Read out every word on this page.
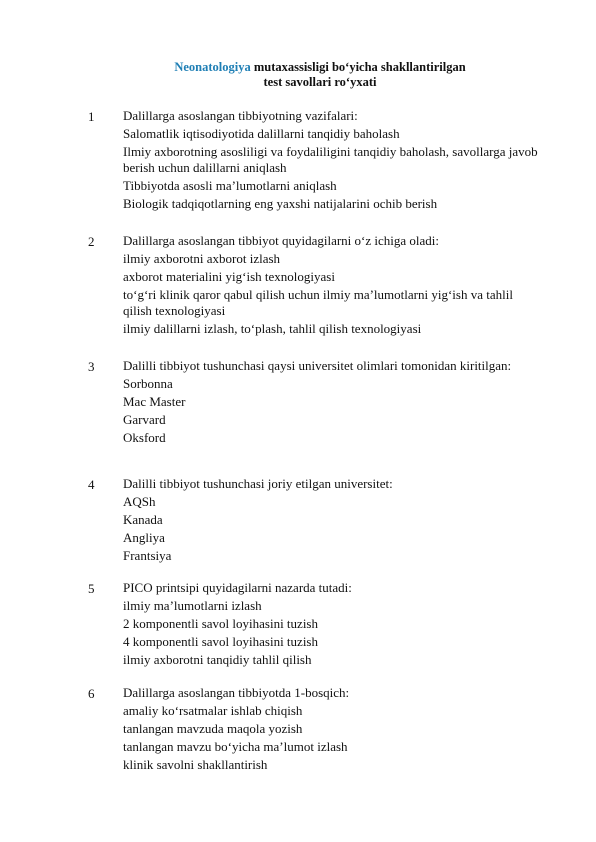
Neonatologiya mutaxassisligi bo‘yicha shakllantirilgan
test savollari ro‘yxati
1 Dalillarga asoslangan tibbiyotning vazifalari:
Salomatlik iqtisodiyotida dalillarni tanqidiy baholash
Ilmiy axborotning asosliligi va foydaliligini tanqidiy baholash, savollarga javob berish uchun dalillarni aniqlash
Tibbiyotda asosli ma’lumotlarni aniqlash
Biologik tadqiqotlarning eng yaxshi natijalarini ochib berish
2 Dalillarga asoslangan tibbiyot quyidagilarni o‘z ichiga oladi:
ilmiy axborotni axborot izlash
axborot materialini yig‘ish texnologiyasi
to‘g‘ri klinik qaror qabul qilish uchun ilmiy ma’lumotlarni yig‘ish va tahlil qilish texnologiyasi
ilmiy dalillarni izlash, to‘plash, tahlil qilish texnologiyasi
3 Dalilli tibbiyot tushunchasi qaysi universitet olimlari tomonidan kiritilgan:
Sorbonna
Mac Master
Garvard
Oksford
4 Dalilli tibbiyot tushunchasi joriy etilgan universitet:
AQSh
Kanada
Angliya
Frantsiya
5 PICO printsipi quyidagilarni nazarda tutadi:
ilmiy ma’lumotlarni izlash
2 komponentli savol loyihasini tuzish
4 komponentli savol loyihasini tuzish
ilmiy axborotni tanqidiy tahlil qilish
6 Dalillarga asoslangan tibbiyotda 1-bosqich:
amaliy ko‘rsatmalar ishlab chiqish
tanlangan mavzuda maqola yozish
tanlangan mavzu bo‘yicha ma’lumot izlash
klinik savolni shakllantirish
